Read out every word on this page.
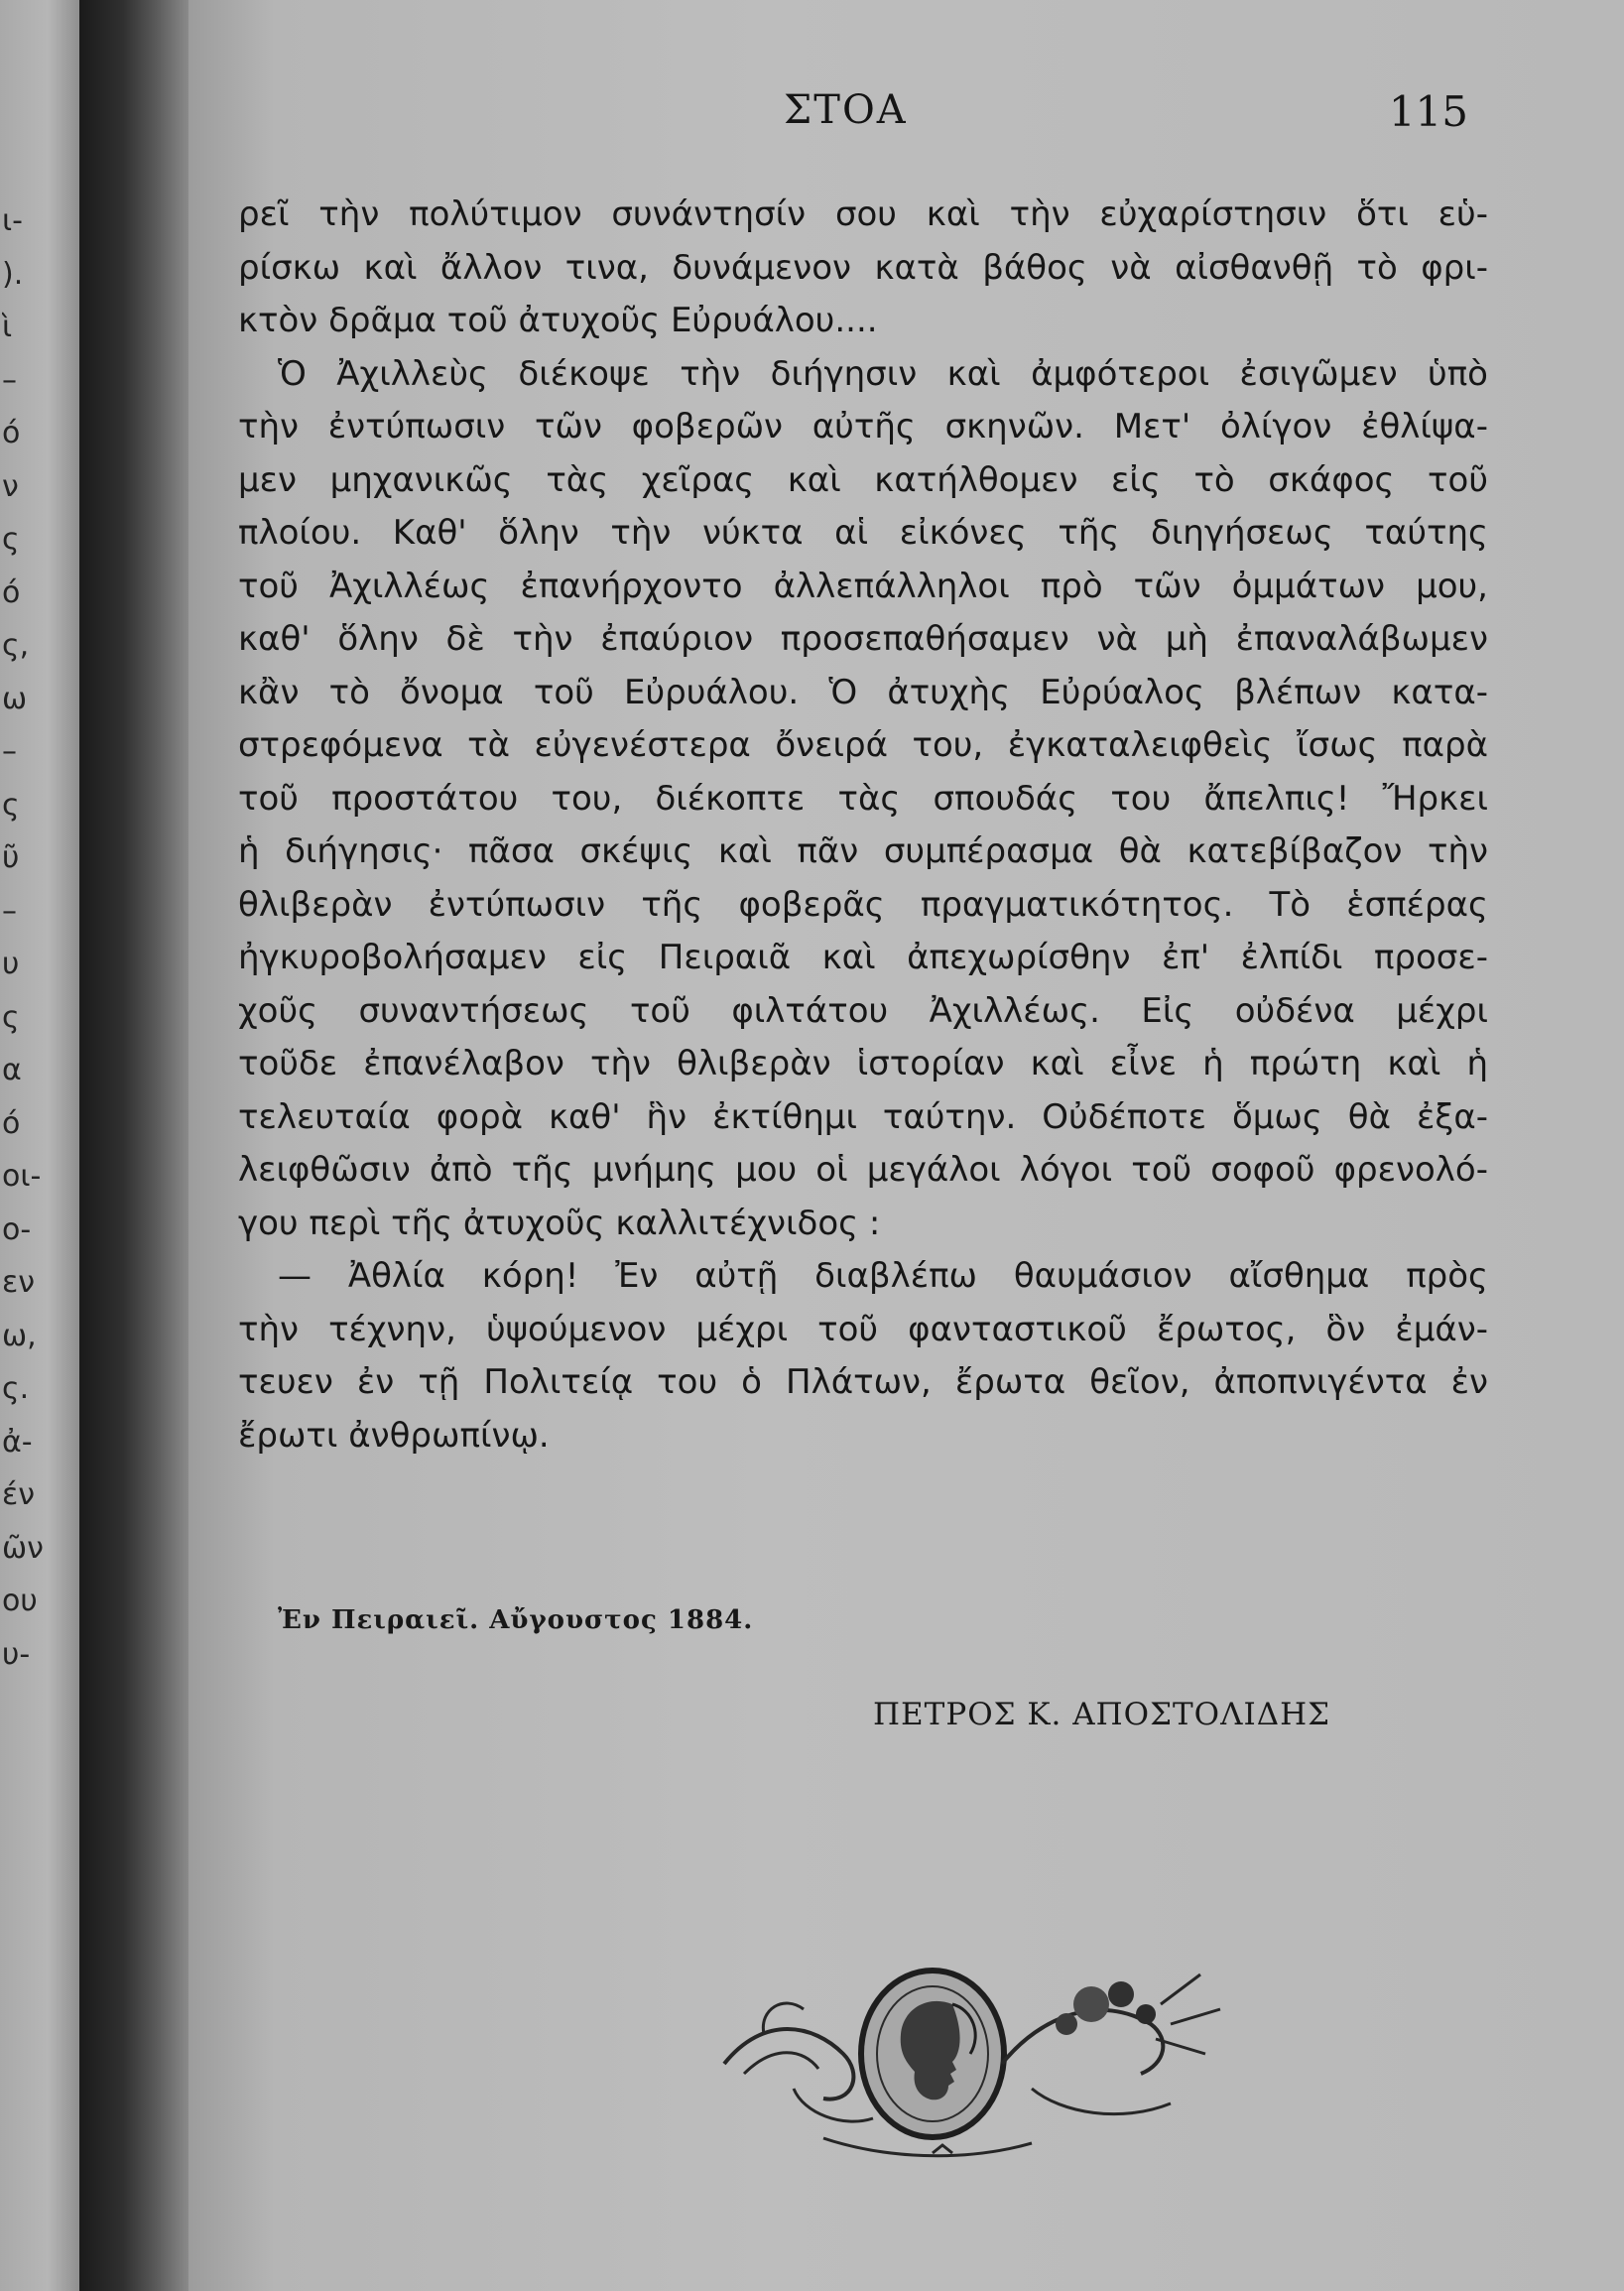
ι-
).
ὶ
–
ό
ν
ς
ό
ς,
ω
–
ς
ῦ
–
υ
ς
α
ό
οι-
ο-
εν
ω,
ς.
ἀ-
έν
ῶν
ου
υ-
ΣΤΟΑ	115
ρεῖ τὴν πολύτιμον συνάντησίν σου καὶ τὴν εὐχαρίστησιν ὅτι εὑ-
ρίσκω καὶ ἄλλον τινα, δυνάμενον κατὰ βάθος νὰ αἰσθανθῇ τὸ φρι-
κτὸν δρᾶμα τοῦ ἀτυχοῦς Εὐρυάλου....
Ὁ Ἀχιλλεὺς διέκοψε τὴν διήγησιν καὶ ἀμφότεροι ἐσιγῶμεν ὑπὸ
τὴν ἐντύπωσιν τῶν φοβερῶν αὐτῆς σκηνῶν. Μετ' ὀλίγον ἐθλίψα-
μεν μηχανικῶς τὰς χεῖρας καὶ κατήλθομεν εἰς τὸ σκάφος τοῦ
πλοίου. Καθ' ὅλην τὴν νύκτα αἱ εἰκόνες τῆς διηγήσεως ταύτης
τοῦ Ἀχιλλέως ἐπανήρχοντο ἀλλεπάλληλοι πρὸ τῶν ὀμμάτων μου,
καθ' ὅλην δὲ τὴν ἐπαύριον προσεπαθήσαμεν νὰ μὴ ἐπαναλάβωμεν
κἂν τὸ ὄνομα τοῦ Εὐρυάλου. Ὁ ἀτυχὴς Εὐρύαλος βλέπων κατα-
στρεφόμενα τὰ εὐγενέστερα ὄνειρά του, ἐγκαταλειφθεὶς ἴσως παρὰ
τοῦ προστάτου του, διέκοπτε τὰς σπουδάς του ἄπελπις! Ἤρκει
ἡ διήγησις· πᾶσα σκέψις καὶ πᾶν συμπέρασμα θὰ κατεβίβαζον τὴν
θλιβερὰν ἐντύπωσιν τῆς φοβερᾶς πραγματικότητος. Τὸ ἑσπέρας
ἠγκυροβολήσαμεν εἰς Πειραιᾶ καὶ ἀπεχωρίσθην ἐπ' ἐλπίδι προσε-
χοῦς συναντήσεως τοῦ φιλτάτου Ἀχιλλέως. Εἰς οὐδένα μέχρι
τοῦδε ἐπανέλαβον τὴν θλιβερὰν ἱστορίαν καὶ εἶνε ἡ πρώτη καὶ ἡ
τελευταία φορὰ καθ' ἣν ἐκτίθημι ταύτην. Οὐδέποτε ὅμως θὰ ἐξα-
λειφθῶσιν ἀπὸ τῆς μνήμης μου οἱ μεγάλοι λόγοι τοῦ σοφοῦ φρενολό-
γου περὶ τῆς ἀτυχοῦς καλλιτέχνιδος :
— Ἀθλία κόρη! Ἐν αὐτῇ διαβλέπω θαυμάσιον αἴσθημα πρὸς
τὴν τέχνην, ὑψούμενον μέχρι τοῦ φανταστικοῦ ἔρωτος, ὃν ἐμάν-
τευεν ἐν τῇ Πολιτείᾳ του ὁ Πλάτων, ἔρωτα θεῖον, ἀποπνιγέντα ἐν
ἔρωτι ἀνθρωπίνῳ.
Ἐν Πειραιεῖ. Αὔγουστος 1884.
ΠΕΤΡΟΣ Κ. ΑΠΟΣΤΟΛΙΔΗΣ
